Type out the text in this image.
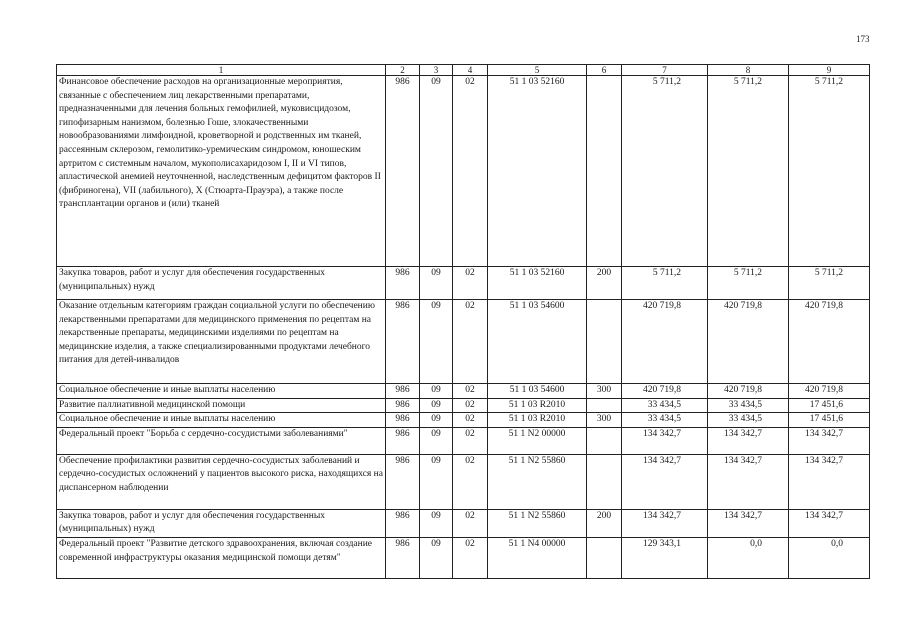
173
1	2	3	4	5	6	7	8	9
Финансовое обеспечение расходов на организационные мероприятия, связанные с обеспечением лиц лекарственными препаратами, предназначенными для лечения больных гемофилией, муковисцидозом, гипофизарным нанизмом, болезнью Гоше, злокачественными новообразованиями лимфоидной, кроветворной и родственных им тканей, рассеянным склерозом, гемолитико-уремическим синдромом, юношеским артритом с системным началом, мукополисахаридозом I, II и VI типов, апластической анемией неуточненной, наследственным дефицитом факторов II (фибриногена), VII (лабильного), X (Стюарта-Прауэра), а также после трансплантации органов и (или) тканей	986	09	02	51 1 03 52160		5 711,2	5 711,2	5 711,2
Закупка товаров, работ и услуг для обеспечения государственных (муниципальных) нужд	986	09	02	51 1 03 52160	200	5 711,2	5 711,2	5 711,2
Оказание отдельным категориям граждан социальной услуги по обеспечению лекарственными препаратами для медицинского применения по рецептам на лекарственные препараты, медицинскими изделиями по рецептам на медицинские изделия, а также специализированными продуктами лечебного питания для детей-инвалидов	986	09	02	51 1 03 54600		420 719,8	420 719,8	420 719,8
Социальное обеспечение и иные выплаты населению	986	09	02	51 1 03 54600	300	420 719,8	420 719,8	420 719,8
Развитие паллиативной медицинской помощи	986	09	02	51 1 03 R2010		33 434,5	33 434,5	17 451,6
Социальное обеспечение и иные выплаты населению	986	09	02	51 1 03 R2010	300	33 434,5	33 434,5	17 451,6
Федеральный проект "Борьба с сердечно-сосудистыми заболеваниями"	986	09	02	51 1 N2 00000		134 342,7	134 342,7	134 342,7
Обеспечение профилактики развития сердечно-сосудистых заболеваний и сердечно-сосудистых осложнений у пациентов высокого риска, находящихся на диспансерном наблюдении	986	09	02	51 1 N2 55860		134 342,7	134 342,7	134 342,7
Закупка товаров, работ и услуг для обеспечения государственных (муниципальных) нужд	986	09	02	51 1 N2 55860	200	134 342,7	134 342,7	134 342,7
Федеральный проект "Развитие детского здравоохранения, включая создание современной инфраструктуры оказания медицинской помощи детям"	986	09	02	51 1 N4 00000		129 343,1	0,0	0,0
